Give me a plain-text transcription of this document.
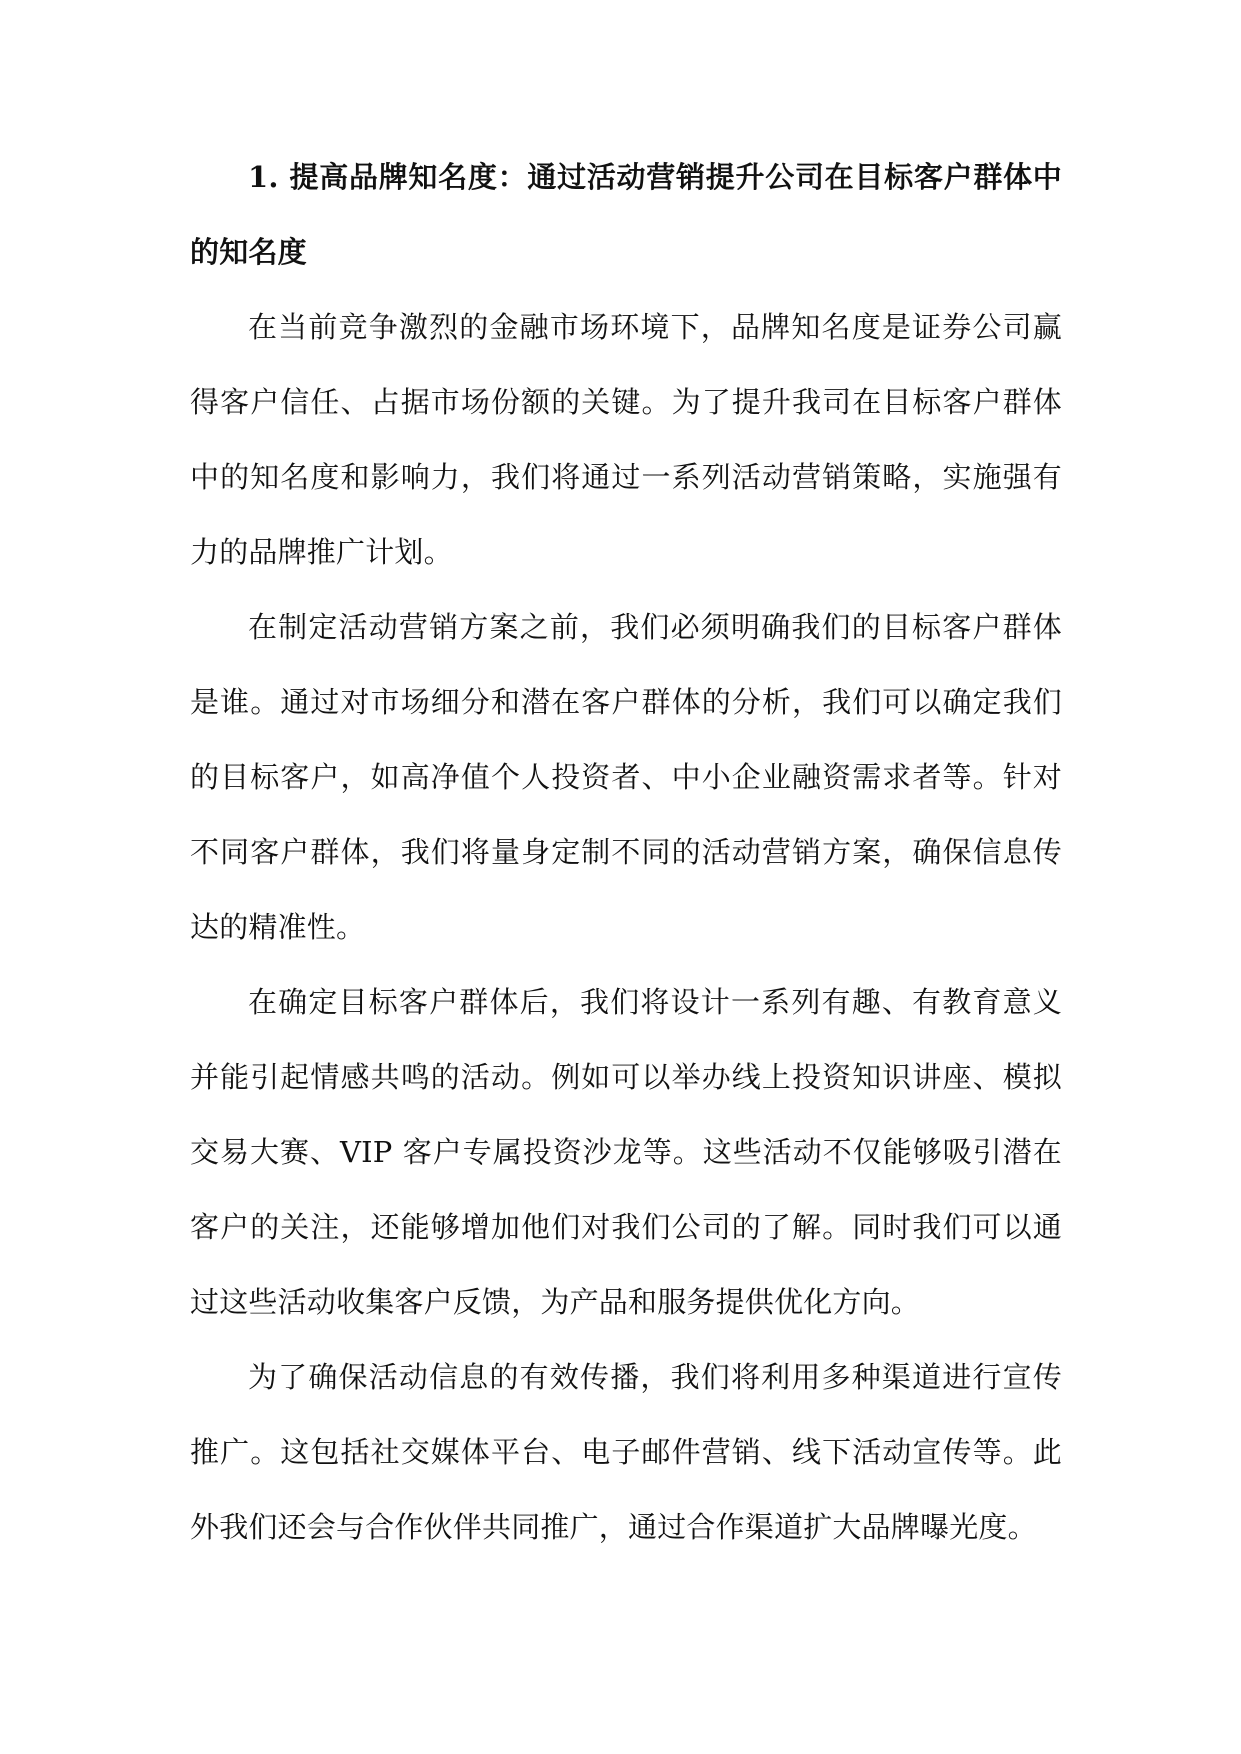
1. 提高品牌知名度：通过活动营销提升公司在目标客户群体中的知名度

在当前竞争激烈的金融市场环境下，品牌知名度是证券公司赢得客户信任、占据市场份额的关键。为了提升我司在目标客户群体中的知名度和影响力，我们将通过一系列活动营销策略，实施强有力的品牌推广计划。

在制定活动营销方案之前，我们必须明确我们的目标客户群体是谁。通过对市场细分和潜在客户群体的分析，我们可以确定我们的目标客户，如高净值个人投资者、中小企业融资需求者等。针对不同客户群体，我们将量身定制不同的活动营销方案，确保信息传达的精准性。

在确定目标客户群体后，我们将设计一系列有趣、有教育意义并能引起情感共鸣的活动。例如可以举办线上投资知识讲座、模拟交易大赛、VIP 客户专属投资沙龙等。这些活动不仅能够吸引潜在客户的关注，还能够增加他们对我们公司的了解。同时我们可以通过这些活动收集客户反馈，为产品和服务提供优化方向。

为了确保活动信息的有效传播，我们将利用多种渠道进行宣传推广。这包括社交媒体平台、电子邮件营销、线下活动宣传等。此外我们还会与合作伙伴共同推广，通过合作渠道扩大品牌曝光度。
